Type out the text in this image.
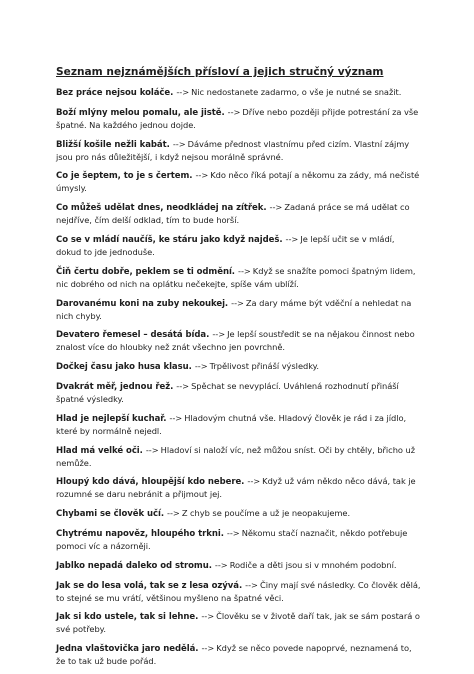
Seznam nejznámějších přísloví a jejich stručný význam
Bez práce nejsou koláče. --> Nic nedostanete zadarmo, o vše je nutné se snažit.
Boží mlýny melou pomalu, ale jistě. --> Dříve nebo později přijde potrestání za vše špatné. Na každého jednou dojde.
Bližší košile nežli kabát. --> Dáváme přednost vlastnímu před cizím. Vlastní zájmy jsou pro nás důležitější, i když nejsou morálně správné.
Co je šeptem, to je s čertem. --> Kdo něco říká potají a někomu za zády, má nečisté úmysly.
Co můžeš udělat dnes, neodkládej na zítřek. --> Zadaná práce se má udělat co nejdříve, čím delší odklad, tím to bude horší.
Co se v mládí naučíš, ke stáru jako když najdeš. --> Je lepší učit se v mládí, dokud to jde jednoduše.
Čiň čertu dobře, peklem se ti odmění. --> Když se snažíte pomoci špatným lidem, nic dobrého od nich na oplátku nečekejte, spíše vám ublíží.
Darovanému koni na zuby nekoukej. --> Za dary máme být vděční a nehledat na nich chyby.
Devatero řemesel – desátá bída. --> Je lepší soustředit se na nějakou činnost nebo znalost více do hloubky než znát všechno jen povrchně.
Dočkej času jako husa klasu. --> Trpělivost přináší výsledky.
Dvakrát měř, jednou řež. --> Spěchat se nevyplácí. Uváhlená rozhodnutí přináší špatné výsledky.
Hlad je nejlepší kuchař. --> Hladovým chutná vše. Hladový člověk je rád i za jídlo, které by normálně nejedl.
Hlad má velké oči. --> Hladoví si naloží víc, než můžou sníst. Oči by chtěly, břicho už nemůže.
Hloupý kdo dává, hloupější kdo nebere. --> Když už vám někdo něco dává, tak je rozumné se daru nebránit a přijmout jej.
Chybami se člověk učí. --> Z chyb se poučíme a už je neopakujeme.
Chytrému napověz, hloupého trkni. --> Někomu stačí naznačit, někdo potřebuje pomoci víc a názorněji.
Jablko nepadá daleko od stromu. --> Rodiče a děti jsou si v mnohém podobní.
Jak se do lesa volá, tak se z lesa ozývá. --> Činy mají své následky. Co člověk dělá, to stejné se mu vrátí, většinou myšleno na špatné věci.
Jak si kdo ustele, tak si lehne. --> Člověku se v životě daří tak, jak se sám postará o své potřeby.
Jedna vlaštovička jaro nedělá. --> Když se něco povede napoprvé, neznamená to, že to tak už bude pořád.
